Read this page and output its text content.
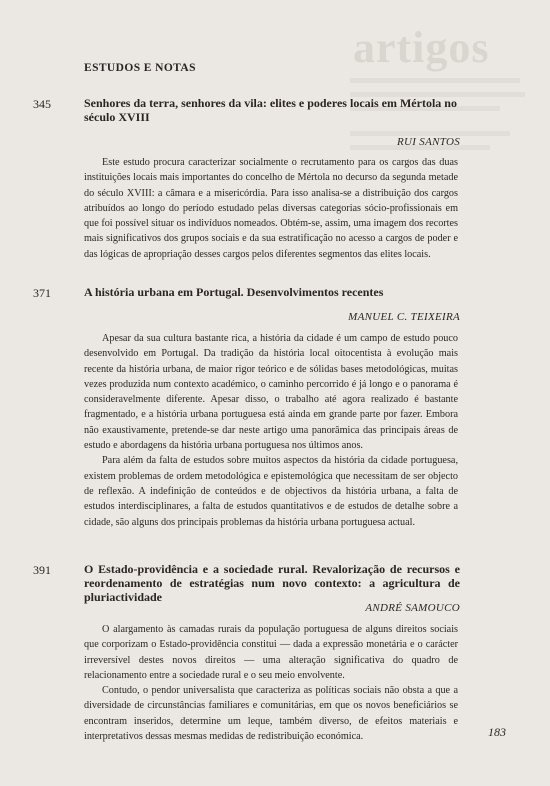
artigos
ESTUDOS E NOTAS
345	Senhores da terra, senhores da vila: elites e poderes locais em Mértola no século XVIII
RUI SANTOS

Este estudo procura caracterizar socialmente o recrutamento para os cargos das duas instituições locais mais importantes do concelho de Mértola no decurso da segunda metade do século XVIII: a câmara e a misericórdia. Para isso analisa-se a distribuição dos cargos atribuídos ao longo do período estudado pelas diversas categorias sócio-profissionais em que foi possível situar os indivíduos nomeados. Obtém-se, assim, uma imagem dos recortes mais significativos dos grupos sociais e da sua estratificação no acesso a cargos de poder e das lógicas de apropriação desses cargos pelos diferentes segmentos das elites locais.

371	A história urbana em Portugal. Desenvolvimentos recentes
MANUEL C. TEIXEIRA

Apesar da sua cultura bastante rica, a história da cidade é um campo de estudo pouco desenvolvido em Portugal. Da tradição da história local oitocentista à evolução mais recente da história urbana, de maior rigor teórico e de sólidas bases metodológicas, muitas vezes produzida num contexto académico, o caminho percorrido é já longo e o panorama é consideravelmente diferente. Apesar disso, o trabalho até agora realizado é bastante fragmentado, e a história urbana portuguesa está ainda em grande parte por fazer. Embora não exaustivamente, pretende-se dar neste artigo uma panorâmica das principais áreas de estudo e abordagens da história urbana portuguesa nos últimos anos.

Para além da falta de estudos sobre muitos aspectos da história da cidade portuguesa, existem problemas de ordem metodológica e epistemológica que necessitam de ser objecto de reflexão. A indefinição de conteúdos e de objectivos da história urbana, a falta de estudos interdisciplinares, a falta de estudos quantitativos e de estudos de detalhe sobre a cidade, são alguns dos principais problemas da história urbana portuguesa actual.

391	O Estado-providência e a sociedade rural. Revalorização de recursos e reordenamento de estratégias num novo contexto: a agricultura de pluriactividade
ANDRÉ SAMOUCO

O alargamento às camadas rurais da população portuguesa de alguns direitos sociais que corporizam o Estado-providência constitui — dada a expressão monetária e o carácter irreversível destes novos direitos — uma alteração significativa do quadro de relacionamento entre a sociedade rural e o seu meio envolvente.

Contudo, o pendor universalista que caracteriza as políticas sociais não obsta a que a diversidade de circunstâncias familiares e comunitárias, em que os novos beneficiários se encontram inseridos, determine um leque, também diverso, de efeitos materiais e interpretativos dessas mesmas medidas de redistribuição económica.	183
